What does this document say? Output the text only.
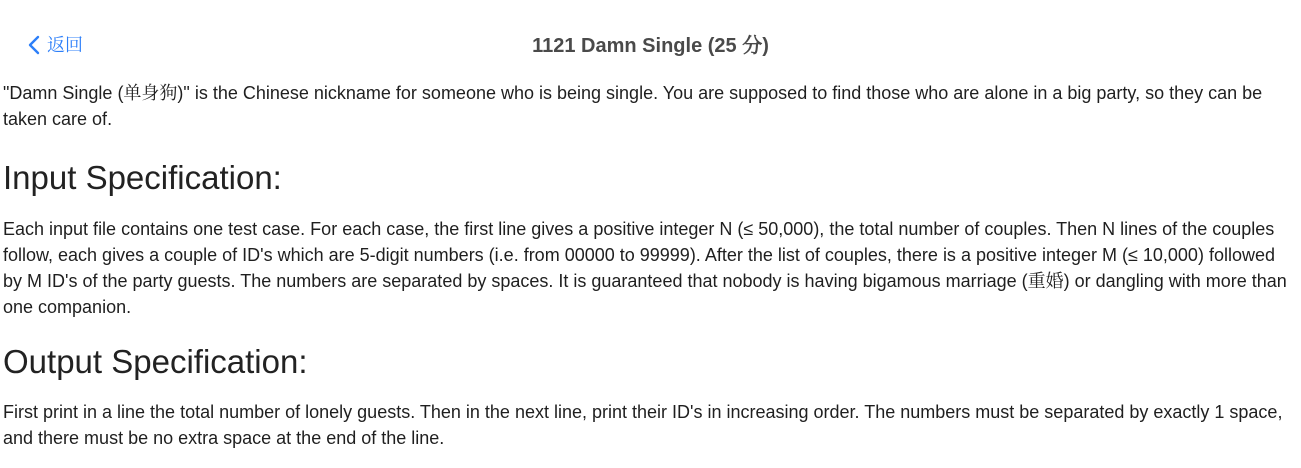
返回	1121 Damn Single (25 分)

"Damn Single (单身狗)" is the Chinese nickname for someone who is being single. You are supposed to find those who are alone in a big party, so they can be taken care of.

Input Specification:

Each input file contains one test case. For each case, the first line gives a positive integer N (≤ 50,000), the total number of couples. Then N lines of the couples follow, each gives a couple of ID's which are 5-digit numbers (i.e. from 00000 to 99999). After the list of couples, there is a positive integer M (≤ 10,000) followed by M ID's of the party guests. The numbers are separated by spaces. It is guaranteed that nobody is having bigamous marriage (重婚) or dangling with more than one companion.

Output Specification:

First print in a line the total number of lonely guests. Then in the next line, print their ID's in increasing order. The numbers must be separated by exactly 1 space, and there must be no extra space at the end of the line.
